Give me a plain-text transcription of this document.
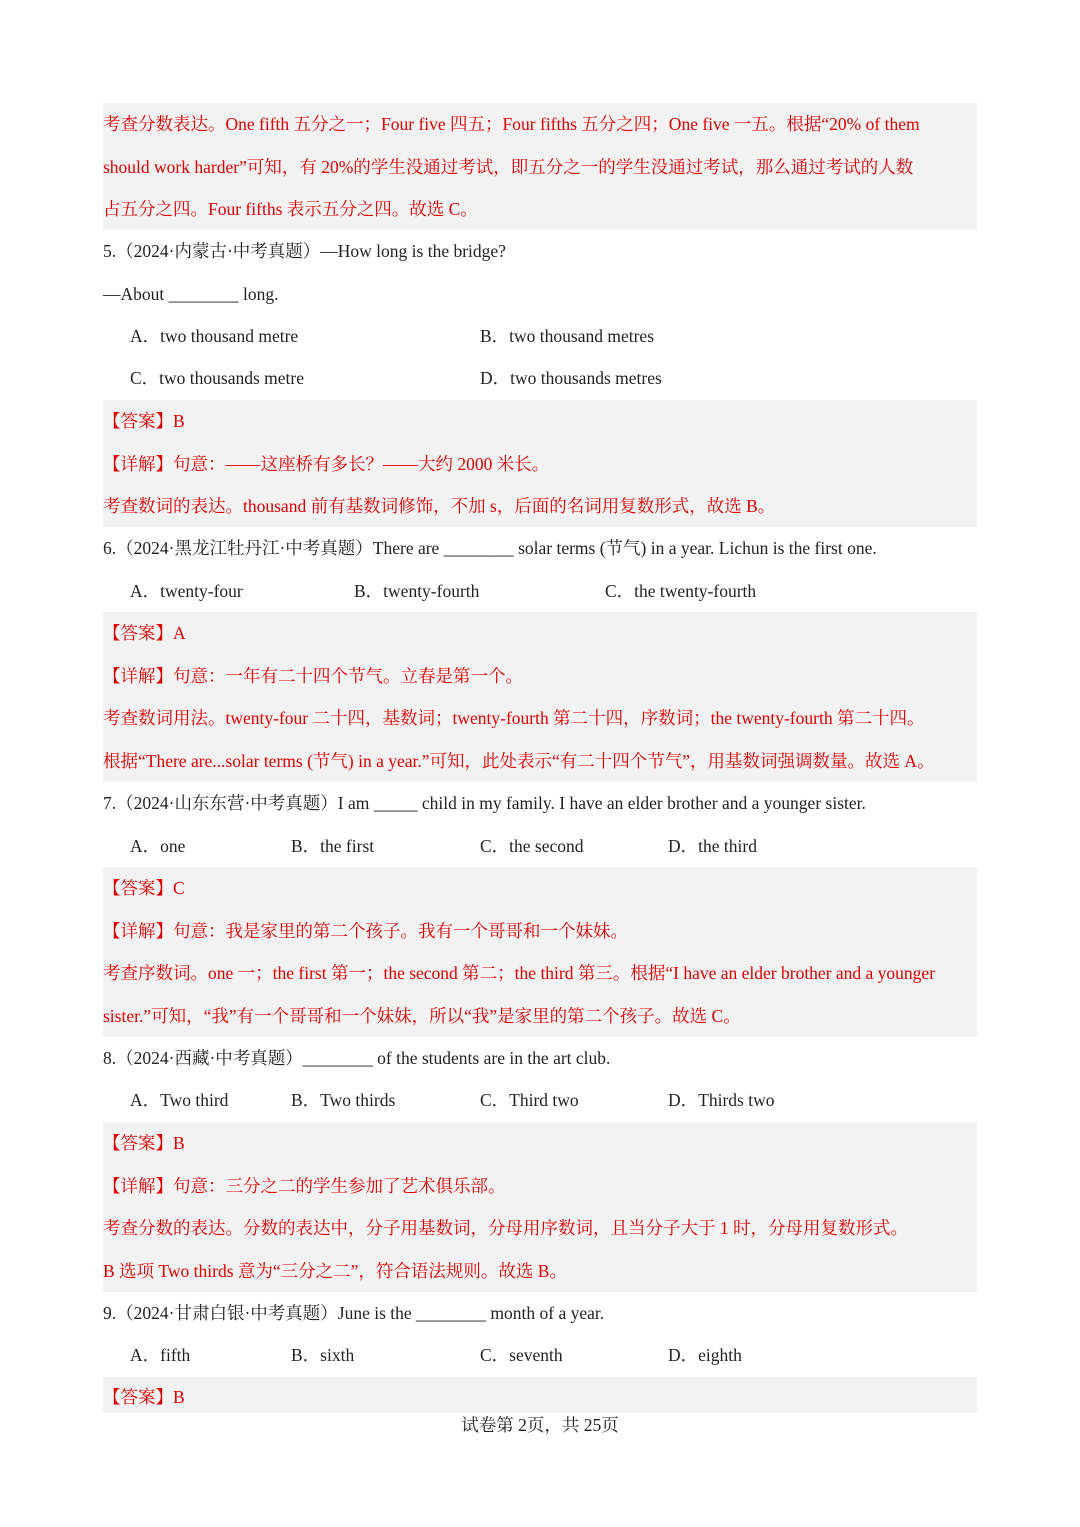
考查分数表达。One fifth 五分之一；Four five 四五；Four fifths 五分之四；One five 一五。根据“20% of them
should work harder”可知，有 20%的学生没通过考试，即五分之一的学生没通过考试，那么通过考试的人数
占五分之四。Four fifths 表示五分之四。故选 C。
5.（2024·内蒙古·中考真题）—How long is the bridge?
—About ________ long.
A．two thousand metre	B．two thousand metres
C．two thousands metre	D．two thousands metres
【答案】B
【详解】句意：——这座桥有多长？——大约 2000 米长。
考查数词的表达。thousand 前有基数词修饰，不加 s，后面的名词用复数形式，故选 B。
6.（2024·黑龙江牡丹江·中考真题）There are ________ solar terms (节气) in a year. Lichun is the first one.
A．twenty-four	B．twenty-fourth	C．the twenty-fourth
【答案】A
【详解】句意：一年有二十四个节气。立春是第一个。
考查数词用法。twenty-four 二十四，基数词；twenty-fourth 第二十四，序数词；the twenty-fourth 第二十四。
根据“There are...solar terms (节气) in a year.”可知，此处表示“有二十四个节气”，用基数词强调数量。故选 A。
7.（2024·山东东营·中考真题）I am _____ child in my family. I have an elder brother and a younger sister.
A．one	B．the first	C．the second	D．the third
【答案】C
【详解】句意：我是家里的第二个孩子。我有一个哥哥和一个妹妹。
考查序数词。one 一；the first 第一；the second 第二；the third 第三。根据“I have an elder brother and a younger
sister.”可知，“我”有一个哥哥和一个妹妹，所以“我”是家里的第二个孩子。故选 C。
8.（2024·西藏·中考真题）________ of the students are in the art club.
A．Two third	B．Two thirds	C．Third two	D．Thirds two
【答案】B
【详解】句意：三分之二的学生参加了艺术俱乐部。
考查分数的表达。分数的表达中，分子用基数词，分母用序数词，且当分子大于 1 时，分母用复数形式。
B 选项 Two thirds 意为“三分之二”，符合语法规则。故选 B。
9.（2024·甘肃白银·中考真题）June is the ________ month of a year.
A．fifth	B．sixth	C．seventh	D．eighth
【答案】B
试卷第 2页，共 25页
